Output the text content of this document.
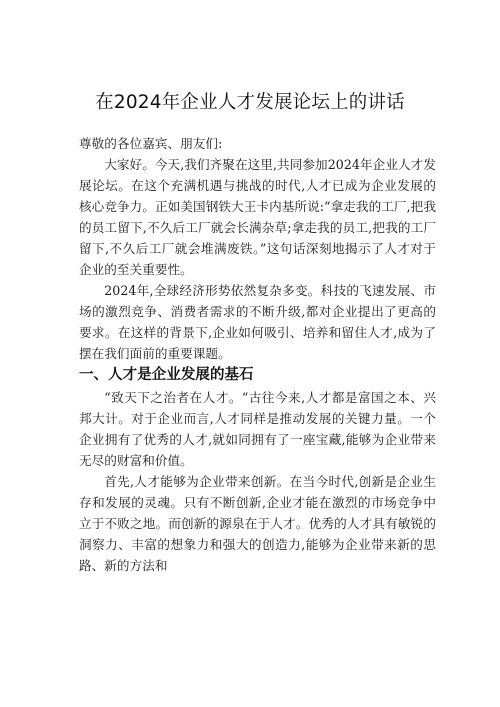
在2024年企业人才发展论坛上的讲话

尊敬的各位嘉宾、朋友们:

大家好。今天,我们齐聚在这里,共同参加2024年企业人才发展论坛。在这个充满机遇与挑战的时代,人才已成为企业发展的核心竞争力。正如美国钢铁大王卡内基所说:“拿走我的工厂,把我的员工留下,不久后工厂就会长满杂草;拿走我的员工,把我的工厂留下,不久后工厂就会堆满废铁。”这句话深刻地揭示了人才对于企业的至关重要性。

2024年,全球经济形势依然复杂多变。科技的飞速发展、市场的激烈竞争、消费者需求的不断升级,都对企业提出了更高的要求。在这样的背景下,企业如何吸引、培养和留住人才,成为了摆在我们面前的重要课题。

一、人才是企业发展的基石

“致天下之治者在人才。“古往今来,人才都是富国之本、兴邦大计。对于企业而言,人才同样是推动发展的关键力量。一个企业拥有了优秀的人才,就如同拥有了一座宝藏,能够为企业带来无尽的财富和价值。

首先,人才能够为企业带来创新。在当今时代,创新是企业生存和发展的灵魂。只有不断创新,企业才能在激烈的市场竞争中立于不败之地。而创新的源泉在于人才。优秀的人才具有敏锐的洞察力、丰富的想象力和强大的创造力,能够为企业带来新的思路、新的方法和
